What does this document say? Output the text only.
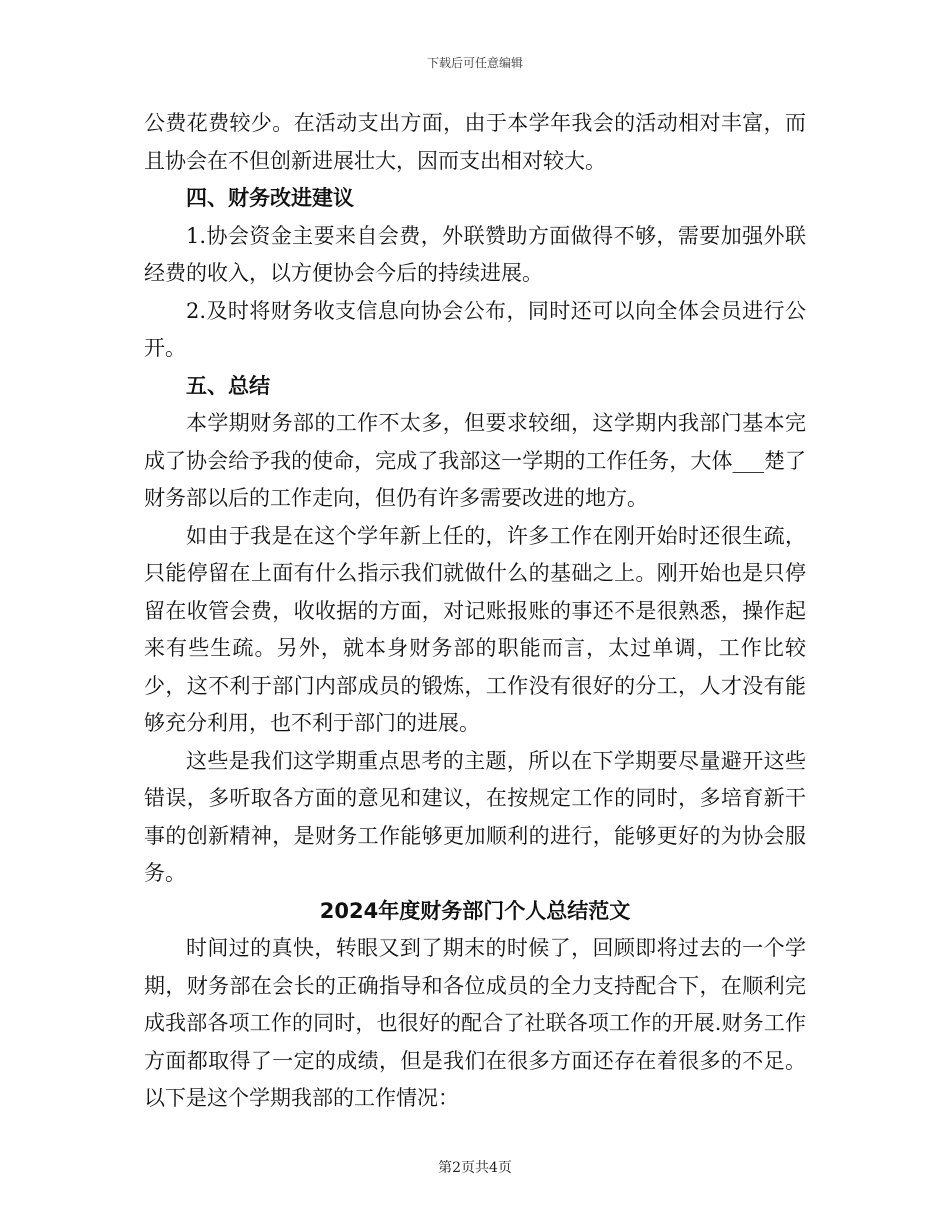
下载后可任意编辑

公费花费较少。在活动支出方面，由于本学年我会的活动相对丰富，而且协会在不但创新进展壮大，因而支出相对较大。

四、财务改进建议

1.协会资金主要来自会费，外联赞助方面做得不够，需要加强外联经费的收入，以方便协会今后的持续进展。

2.及时将财务收支信息向协会公布，同时还可以向全体会员进行公开。

五、总结

本学期财务部的工作不太多，但要求较细，这学期内我部门基本完成了协会给予我的使命，完成了我部这一学期的工作任务，大体___楚了财务部以后的工作走向，但仍有许多需要改进的地方。

如由于我是在这个学年新上任的，许多工作在刚开始时还很生疏，只能停留在上面有什么指示我们就做什么的基础之上。刚开始也是只停留在收管会费，收收据的方面，对记账报账的事还不是很熟悉，操作起来有些生疏。另外，就本身财务部的职能而言，太过单调，工作比较少，这不利于部门内部成员的锻炼，工作没有很好的分工，人才没有能够充分利用，也不利于部门的进展。

这些是我们这学期重点思考的主题，所以在下学期要尽量避开这些错误，多听取各方面的意见和建议，在按规定工作的同时，多培育新干事的创新精神，是财务工作能够更加顺利的进行，能够更好的为协会服务。

2024年度财务部门个人总结范文

时间过的真快，转眼又到了期末的时候了，回顾即将过去的一个学期，财务部在会长的正确指导和各位成员的全力支持配合下，在顺利完成我部各项工作的同时，也很好的配合了社联各项工作的开展.财务工作方面都取得了一定的成绩，但是我们在很多方面还存在着很多的不足。以下是这个学期我部的工作情况：

第2页共4页
